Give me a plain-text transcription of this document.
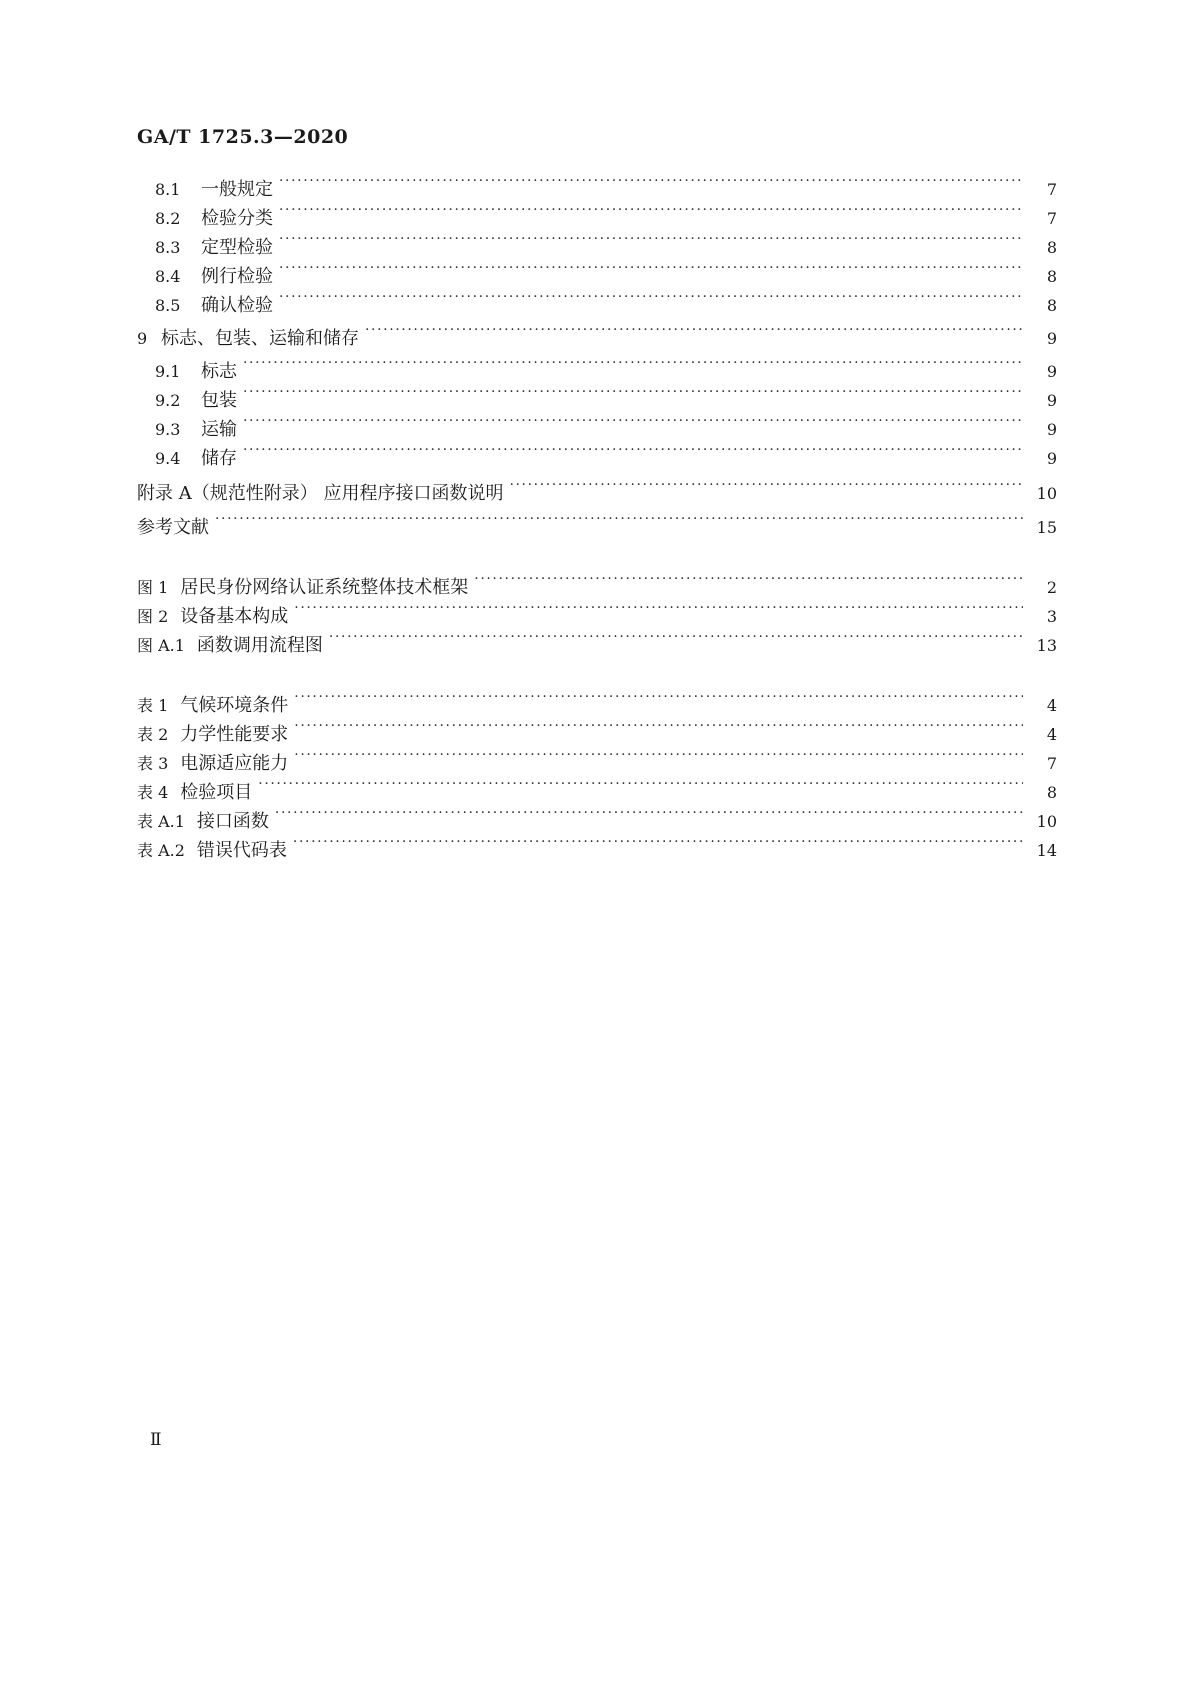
GA/T 1725.3—2020
8.1	一般规定 ·····	7
8.2	检验分类 ·····	7
8.3	定型检验 ·····	8
8.4	例行检验 ·····	8
8.5	确认检验 ·····	8
9 标志、包装、运输和储存 ·····	9
9.1	标志 ·····	9
9.2	包装 ·····	9
9.3	运输 ·····	9
9.4	储存 ·····	9
附录 A（规范性附录） 应用程序接口函数说明 ·····	10
参考文献 ·····	15
图 1 居民身份网络认证系统整体技术框架 ·····	2
图 2 设备基本构成 ·····	3
图 A.1 函数调用流程图 ·····	13
表 1 气候环境条件 ·····	4
表 2 力学性能要求 ·····	4
表 3 电源适应能力 ·····	7
表 4 检验项目 ·····	8
表 A.1 接口函数 ·····	10
表 A.2 错误代码表 ·····	14
Ⅱ
